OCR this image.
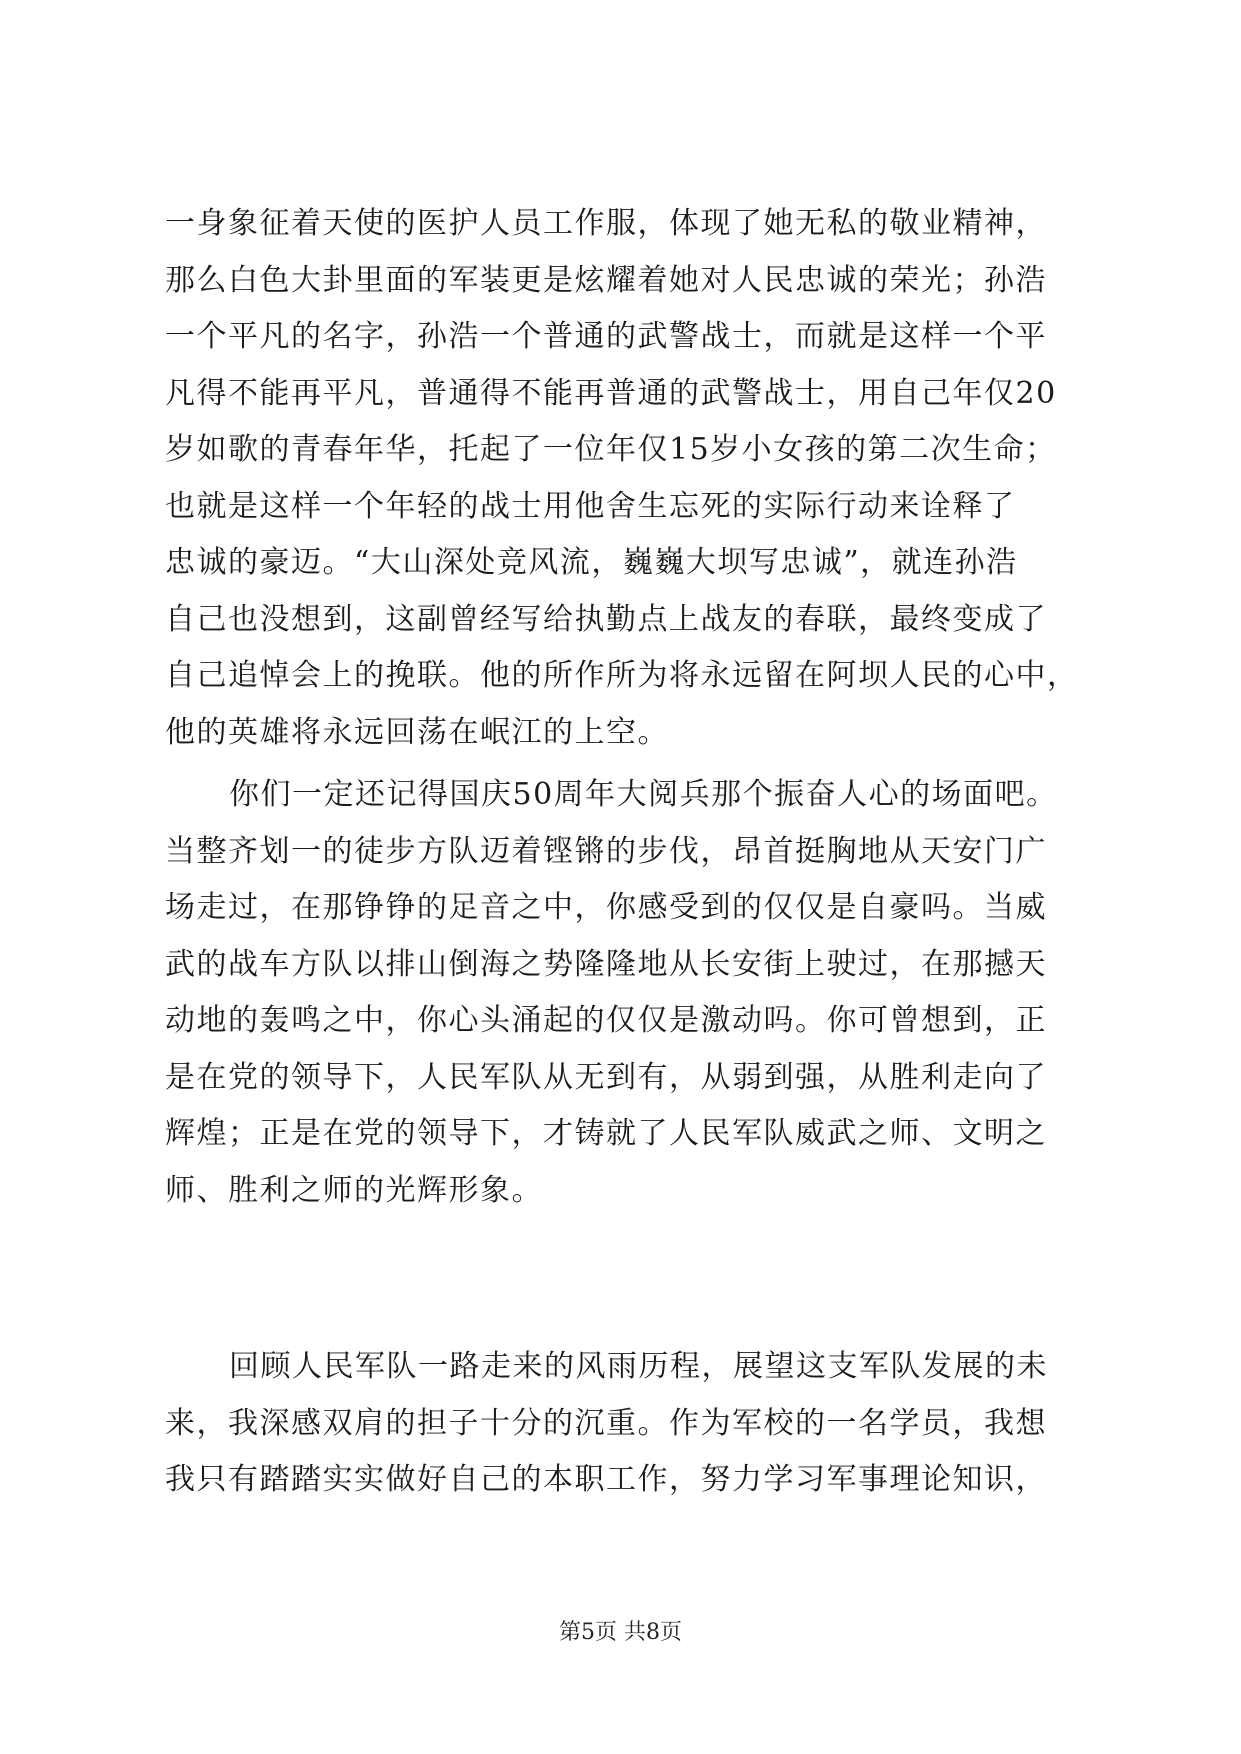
一身象征着天使的医护人员工作服，体现了她无私的敬业精神，
那么白色大卦里面的军装更是炫耀着她对人民忠诚的荣光；孙浩
一个平凡的名字，孙浩一个普通的武警战士，而就是这样一个平
凡得不能再平凡，普通得不能再普通的武警战士，用自己年仅20
岁如歌的青春年华，托起了一位年仅15岁小女孩的第二次生命；
也就是这样一个年轻的战士用他舍生忘死的实际行动来诠释了
忠诚的豪迈。“大山深处竞风流，巍巍大坝写忠诚”，就连孙浩
自己也没想到，这副曾经写给执勤点上战友的春联，最终变成了
自己追悼会上的挽联。他的所作所为将永远留在阿坝人民的心中，
他的英雄将永远回荡在岷江的上空。
你们一定还记得国庆50周年大阅兵那个振奋人心的场面吧。
当整齐划一的徒步方队迈着铿锵的步伐，昂首挺胸地从天安门广
场走过，在那铮铮的足音之中，你感受到的仅仅是自豪吗。当威
武的战车方队以排山倒海之势隆隆地从长安街上驶过，在那撼天
动地的轰鸣之中，你心头涌起的仅仅是激动吗。你可曾想到，正
是在党的领导下，人民军队从无到有，从弱到强，从胜利走向了
辉煌；正是在党的领导下，才铸就了人民军队威武之师、文明之
师、胜利之师的光辉形象。
回顾人民军队一路走来的风雨历程，展望这支军队发展的未
来，我深感双肩的担子十分的沉重。作为军校的一名学员，我想
我只有踏踏实实做好自己的本职工作，努力学习军事理论知识，
第5页 共8页
